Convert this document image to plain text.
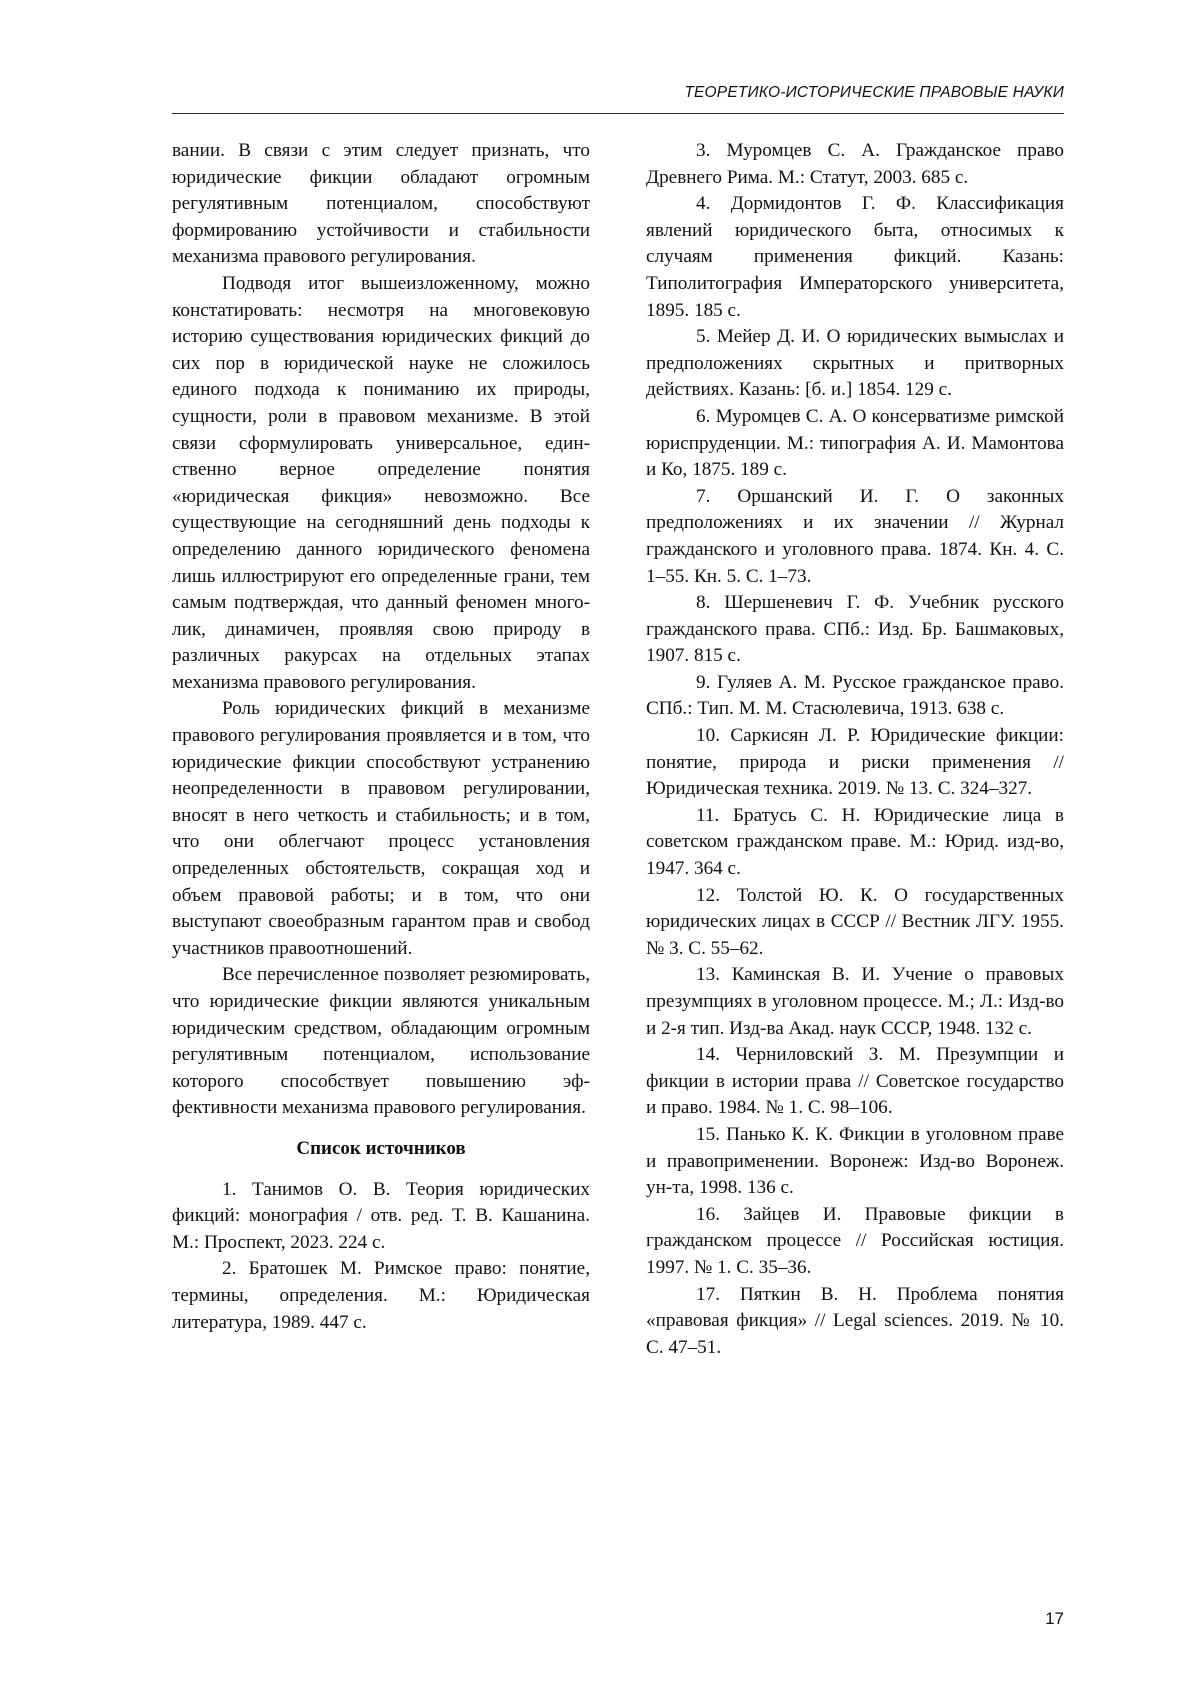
ТЕОРЕТИКО-ИСТОРИЧЕСКИЕ ПРАВОВЫЕ НАУКИ

вании. В связи с этим следует признать, что юридические фикции обладают огромным регулятивным потенциалом, способствуют формированию устойчивости и стабильности механизма правового регулирования.

Подводя итог вышеизложенному, можно констатировать: несмотря на многовековую историю существования юридических фикций до сих пор в юридической науке не сложилось единого подхода к пониманию их природы, сущности, роли в правовом механизме. В этой связи сформулировать универсальное, единственно верное определение понятия «юридическая фикция» невозможно. Все существующие на сегодняшний день подходы к определению данного юридического феномена лишь иллюстрируют его определенные грани, тем самым подтверждая, что данный феномен многолик, динамичен, проявляя свою природу в различных ракурсах на отдельных этапах механизма правового регулирования.

Роль юридических фикций в механизме правового регулирования проявляется и в том, что юридические фикции способствуют устранению неопределенности в правовом регулировании, вносят в него четкость и стабильность; и в том, что они облегчают процесс установления определенных обстоятельств, сокращая ход и объем правовой работы; и в том, что они выступают своеобразным гарантом прав и свобод участников правоотношений.

Все перечисленное позволяет резюмировать, что юридические фикции являются уникальным юридическим средством, обладающим огромным регулятивным потенциалом, использование которого способствует повышению эффективности механизма правового регулирования.

Список источников

1. Танимов О. В. Теория юридических фикций: монография / отв. ред. Т. В. Кашанина. М.: Проспект, 2023. 224 с.

2. Братошек М. Римское право: понятие, термины, определения. М.: Юридическая литература, 1989. 447 с.

3. Муромцев С. А. Гражданское право Древнего Рима. М.: Статут, 2003. 685 с.

4. Дормидонтов Г. Ф. Классификация явлений юридического быта, относимых к случаям применения фикций. Казань: Типолитография Императорского университета, 1895. 185 с.

5. Мейер Д. И. О юридических вымыслах и предположениях скрытных и притворных действиях. Казань: [б. и.] 1854. 129 с.

6. Муромцев С. А. О консерватизме римской юриспруденции. М.: типография А. И. Мамонтова и Ко, 1875. 189 с.

7. Оршанский И. Г. О законных предположениях и их значении // Журнал гражданского и уголовного права. 1874. Кн. 4. С. 1–55. Кн. 5. С. 1–73.

8. Шершеневич Г. Ф. Учебник русского гражданского права. СПб.: Изд. Бр. Башмаковых, 1907. 815 с.

9. Гуляев А. М. Русское гражданское право. СПб.: Тип. М. М. Стасюлевича, 1913. 638 с.

10. Саркисян Л. Р. Юридические фикции: понятие, природа и риски применения // Юридическая техника. 2019. № 13. С. 324–327.

11. Братусь С. Н. Юридические лица в советском гражданском праве. М.: Юрид. изд-во, 1947. 364 с.

12. Толстой Ю. К. О государственных юридических лицах в СССР // Вестник ЛГУ. 1955. № 3. С. 55–62.

13. Каминская В. И. Учение о правовых презумпциях в уголовном процессе. М.; Л.: Изд-во и 2-я тип. Изд-ва Акад. наук СССР, 1948. 132 с.

14. Черниловский З. М. Презумпции и фикции в истории права // Советское государство и право. 1984. № 1. С. 98–106.

15. Панько К. К. Фикции в уголовном праве и правоприменении. Воронеж: Изд-во Воронеж. ун-та, 1998. 136 с.

16. Зайцев И. Правовые фикции в гражданском процессе // Российская юстиция. 1997. № 1. С. 35–36.

17. Пяткин В. Н. Проблема понятия «правовая фикция» // Legal sciences. 2019. № 10. С. 47–51.

17
